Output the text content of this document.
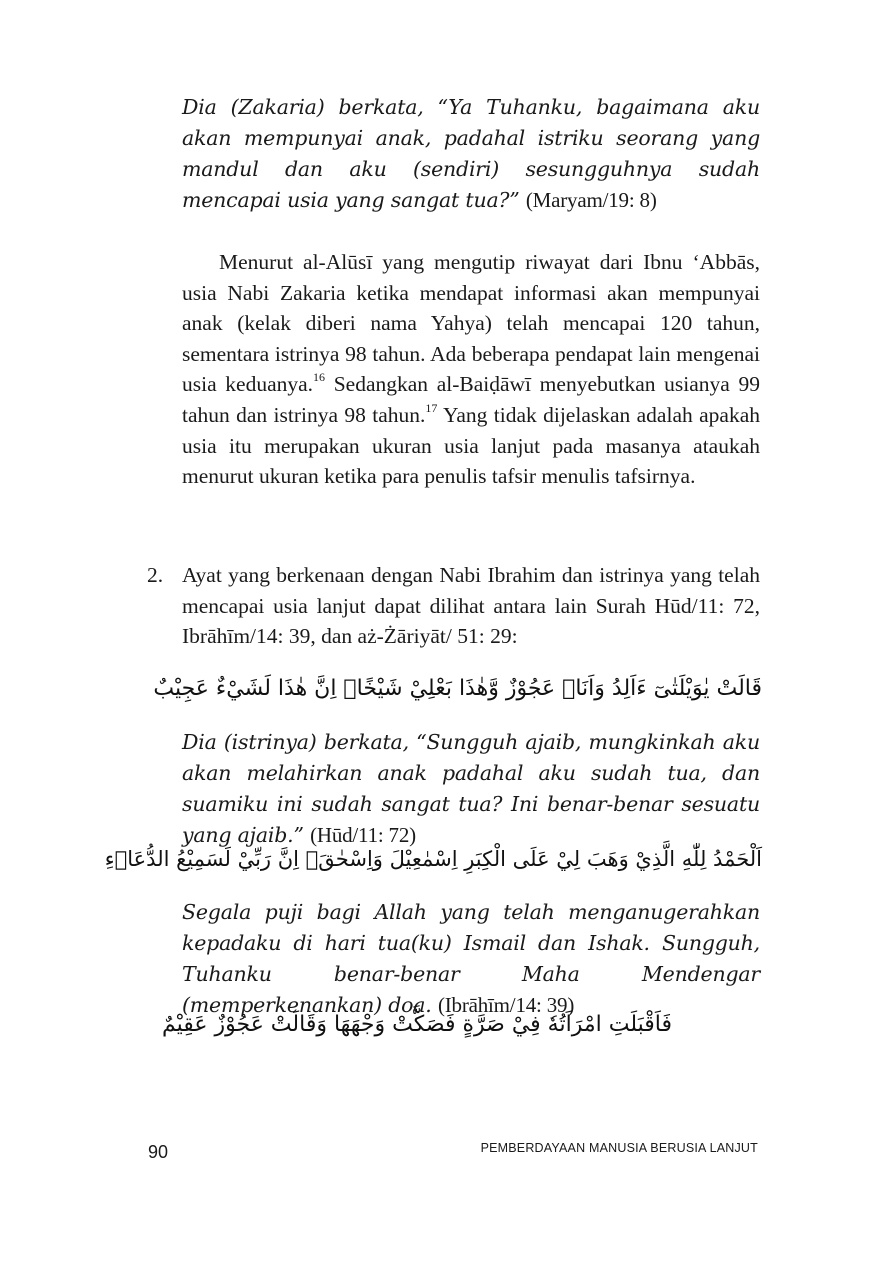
Dia (Zakaria) berkata, “Ya Tuhanku, bagaimana aku akan mempunyai anak, padahal istriku seorang yang mandul dan aku (sendiri) sesungguhnya sudah mencapai usia yang sangat tua?” (Maryam/19: 8)
Menurut al-Alūsī yang mengutip riwayat dari Ibnu ‘Abbās, usia Nabi Zakaria ketika mendapat informasi akan mempunyai anak (kelak diberi nama Yahya) telah mencapai 120 tahun, sementara istrinya 98 tahun. Ada beberapa pendapat lain mengenai usia keduanya.$^{16}$ Sedangkan al-Baiḍāwī menyebutkan usianya 99 tahun dan istrinya 98 tahun.$^{17}$ Yang tidak dijelaskan adalah apakah usia itu merupakan ukuran usia lanjut pada masanya ataukah menurut ukuran ketika para penulis tafsir menulis tafsirnya.
2. Ayat yang berkenaan dengan Nabi Ibrahim dan istrinya yang telah mencapai usia lanjut dapat dilihat antara lain Surah Hūd/11: 72, Ibrāhīm/14: 39, dan aż-Żāriyāt/ 51: 29:
قَالَتْ يٰوَيْلَتٰىٓ ءَاَلِدُ وَاَنَا۠ عَجُوْزٌ وَّهٰذَا بَعْلِيْ شَيْخًاۗ اِنَّ هٰذَا لَشَيْءٌ عَجِيْبٌ
Dia (istrinya) berkata, “Sungguh ajaib, mungkinkah aku akan melahirkan anak padahal aku sudah tua, dan suamiku ini sudah sangat tua? Ini benar-benar sesuatu yang ajaib.” (Hūd/11: 72)
اَلْحَمْدُ لِلّٰهِ الَّذِيْ وَهَبَ لِيْ عَلَى الْكِبَرِ اِسْمٰعِيْلَ وَاِسْحٰقَۗ اِنَّ رَبِّيْ لَسَمِيْعُ الدُّعَاۤءِ
Segala puji bagi Allah yang telah menganugerahkan kepadaku di hari tua(ku) Ismail dan Ishak. Sungguh, Tuhanku benar-benar Maha Mendengar (memperkenankan) doa. (Ibrāhīm/14: 39)
فَاَقْبَلَتِ امْرَاَتُهٗ فِيْ صَرَّةٍ فَصَكَّتْ وَجْهَهَا وَقَالَتْ عَجُوْزٌ عَقِيْمٌ
90	PEMBERDAYAAN MANUSIA BERUSIA LANJUT
